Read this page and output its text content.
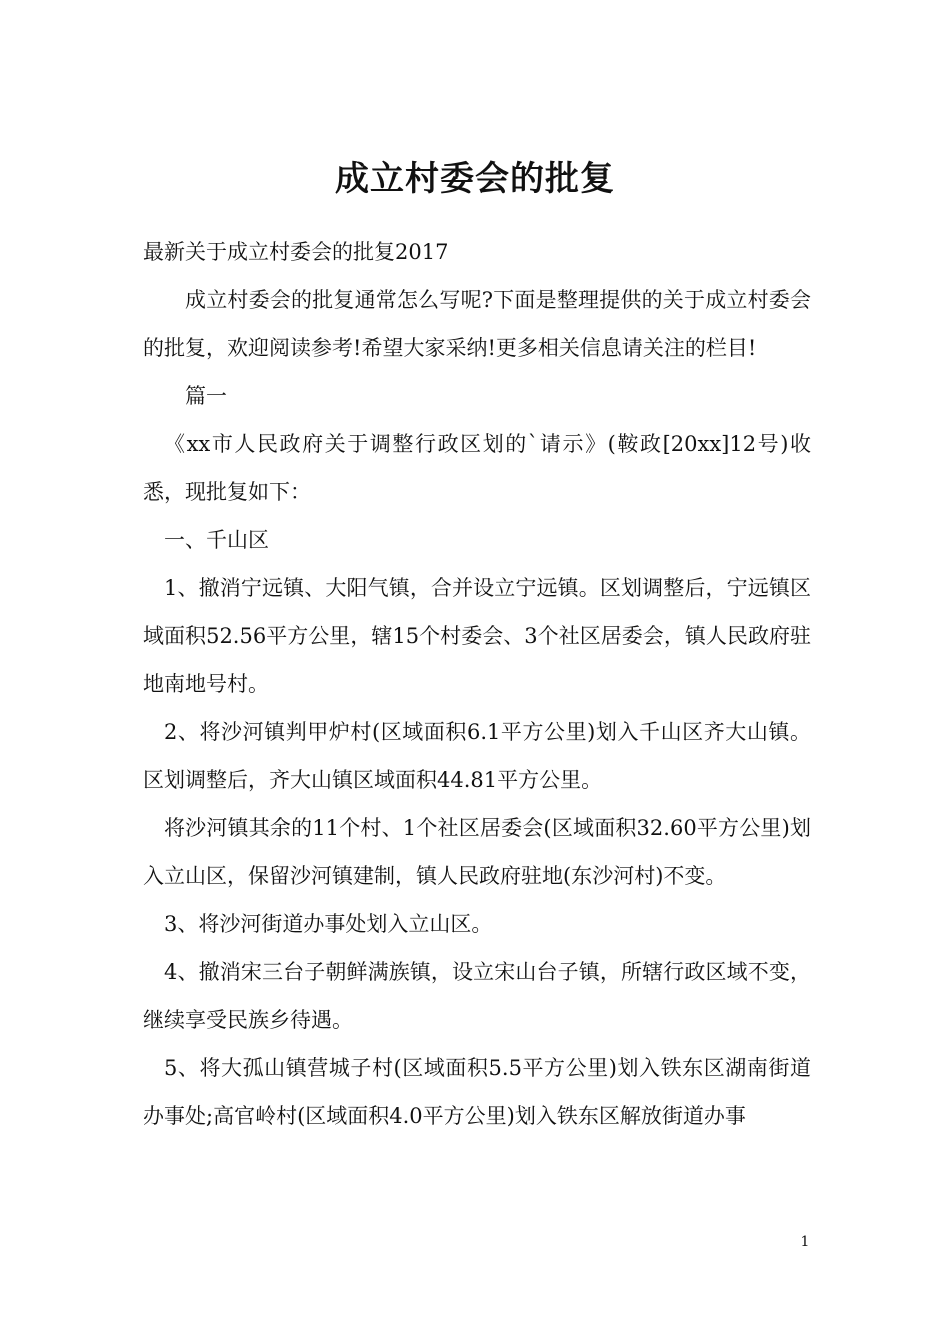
成立村委会的批复

最新关于成立村委会的批复2017

成立村委会的批复通常怎么写呢?下面是整理提供的关于成立村委会的批复，欢迎阅读参考!希望大家采纳!更多相关信息请关注的栏目!

篇一

《xx市人民政府关于调整行政区划的`请示》(鞍政[20xx]12号)收悉，现批复如下：

一、千山区

1、撤消宁远镇、大阳气镇，合并设立宁远镇。区划调整后，宁远镇区域面积52.56平方公里，辖15个村委会、3个社区居委会，镇人民政府驻地南地号村。

2、将沙河镇判甲炉村(区域面积6.1平方公里)划入千山区齐大山镇。区划调整后，齐大山镇区域面积44.81平方公里。

将沙河镇其余的11个村、1个社区居委会(区域面积32.60平方公里)划入立山区，保留沙河镇建制，镇人民政府驻地(东沙河村)不变。

3、将沙河街道办事处划入立山区。

4、撤消宋三台子朝鲜满族镇，设立宋山台子镇，所辖行政区域不变，继续享受民族乡待遇。

5、将大孤山镇营城子村(区域面积5.5平方公里)划入铁东区湖南街道办事处;高官岭村(区域面积4.0平方公里)划入铁东区解放街道办事

1
